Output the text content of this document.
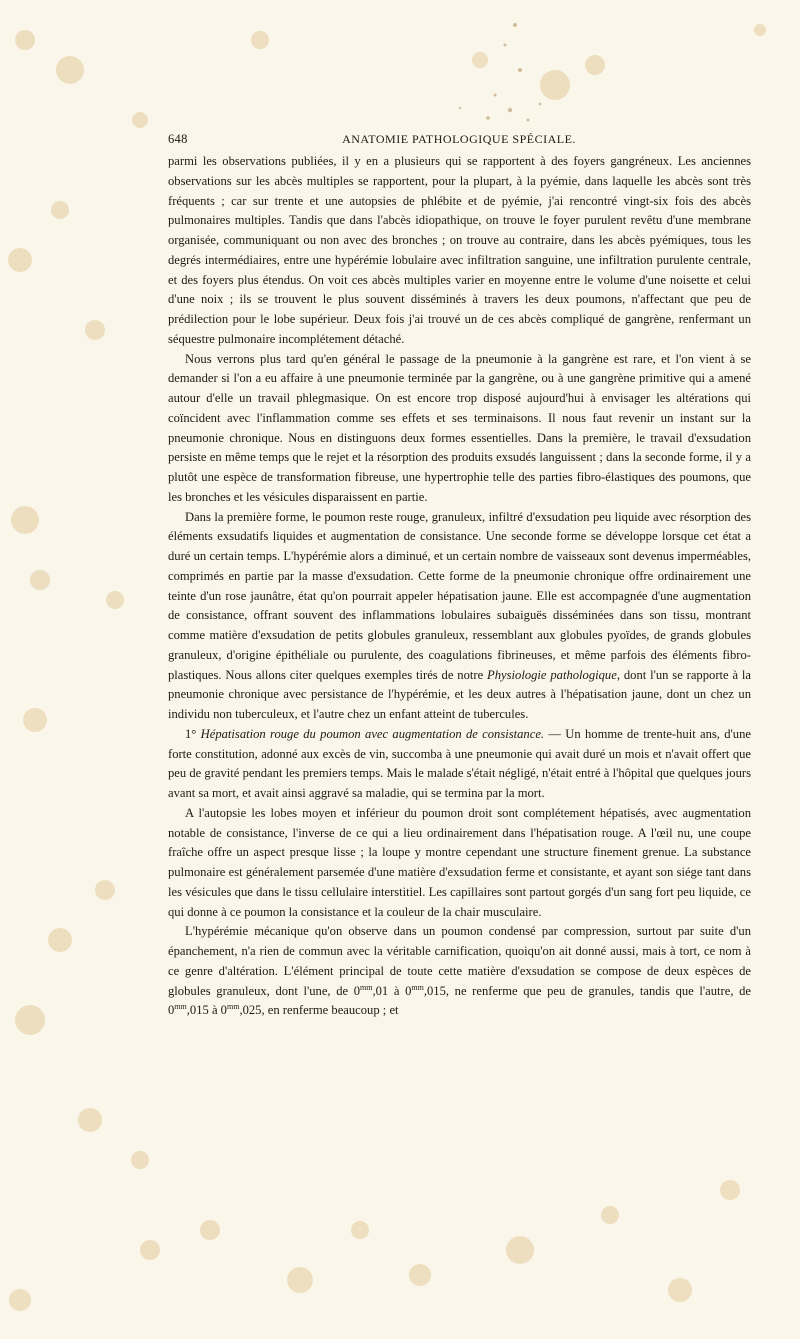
648	ANATOMIE PATHOLOGIQUE SPÉCIALE.

parmi les observations publiées, il y en a plusieurs qui se rapportent à des foyers gangréneux. Les anciennes observations sur les abcès multiples se rapportent, pour la plupart, à la pyémie, dans laquelle les abcès sont très fréquents ; car sur trente et une autopsies de phlébite et de pyémie, j'ai rencontré vingt-six fois des abcès pulmonaires multiples. Tandis que dans l'abcès idiopathique, on trouve le foyer purulent revêtu d'une membrane organisée, communiquant ou non avec des bronches ; on trouve au contraire, dans les abcès pyémiques, tous les degrés intermédiaires, entre une hypérémie lobulaire avec infiltration sanguine, une infiltration purulente centrale, et des foyers plus étendus. On voit ces abcès multiples varier en moyenne entre le volume d'une noisette et celui d'une noix ; ils se trouvent le plus souvent disséminés à travers les deux poumons, n'affectant que peu de prédilection pour le lobe supérieur. Deux fois j'ai trouvé un de ces abcès compliqué de gangrène, renfermant un séquestre pulmonaire incomplétement détaché.

Nous verrons plus tard qu'en général le passage de la pneumonie à la gangrène est rare, et l'on vient à se demander si l'on a eu affaire à une pneumonie terminée par la gangrène, ou à une gangrène primitive qui a amené autour d'elle un travail phlegmasique. On est encore trop disposé aujourd'hui à envisager les altérations qui coïncident avec l'inflammation comme ses effets et ses terminaisons. Il nous faut revenir un instant sur la pneumonie chronique. Nous en distinguons deux formes essentielles. Dans la première, le travail d'exsudation persiste en même temps que le rejet et la résorption des produits exsudés languissent ; dans la seconde forme, il y a plutôt une espèce de transformation fibreuse, une hypertrophie telle des parties fibro-élastiques des poumons, que les bronches et les vésicules disparaissent en partie.

Dans la première forme, le poumon reste rouge, granuleux, infiltré d'exsudation peu liquide avec résorption des éléments exsudatifs liquides et augmentation de consistance. Une seconde forme se développe lorsque cet état a duré un certain temps. L'hypérémie alors a diminué, et un certain nombre de vaisseaux sont devenus imperméables, comprimés en partie par la masse d'exsudation. Cette forme de la pneumonie chronique offre ordinairement une teinte d'un rose jaunâtre, état qu'on pourrait appeler hépatisation jaune. Elle est accompagnée d'une augmentation de consistance, offrant souvent des inflammations lobulaires subaiguës disséminées dans son tissu, montrant comme matière d'exsudation de petits globules granuleux, ressemblant aux globules pyoïdes, de grands globules granuleux, d'origine épithéliale ou purulente, des coagulations fibrineuses, et même parfois des éléments fibro-plastiques. Nous allons citer quelques exemples tirés de notre Physiologie pathologique, dont l'un se rapporte à la pneumonie chronique avec persistance de l'hypérémie, et les deux autres à l'hépatisation jaune, dont un chez un individu non tuberculeux, et l'autre chez un enfant atteint de tubercules.

1° Hépatisation rouge du poumon avec augmentation de consistance. — Un homme de trente-huit ans, d'une forte constitution, adonné aux excès de vin, succomba à une pneumonie qui avait duré un mois et n'avait offert que peu de gravité pendant les premiers temps. Mais le malade s'était négligé, n'était entré à l'hôpital que quelques jours avant sa mort, et avait ainsi aggravé sa maladie, qui se termina par la mort.

A l'autopsie les lobes moyen et inférieur du poumon droit sont complétement hépatisés, avec augmentation notable de consistance, l'inverse de ce qui a lieu ordinairement dans l'hépatisation rouge. A l'œil nu, une coupe fraîche offre un aspect presque lisse ; la loupe y montre cependant une structure finement grenue. La substance pulmonaire est généralement parsemée d'une matière d'exsudation ferme et consistante, et ayant son siége tant dans les vésicules que dans le tissu cellulaire interstitiel. Les capillaires sont partout gorgés d'un sang fort peu liquide, ce qui donne à ce poumon la consistance et la couleur de la chair musculaire.

L'hypérémie mécanique qu'on observe dans un poumon condensé par compression, surtout par suite d'un épanchement, n'a rien de commun avec la véritable carnification, quoiqu'on ait donné aussi, mais à tort, ce nom à ce genre d'altération. L'élément principal de toute cette matière d'exsudation se compose de deux espèces de globules granuleux, dont l'une, de $0^{mm},01$ à $0^{mm},015$, ne renferme que peu de granules, tandis que l'autre, de $0^{mm},015$ à $0^{mm},025$, en renferme beaucoup ; et
